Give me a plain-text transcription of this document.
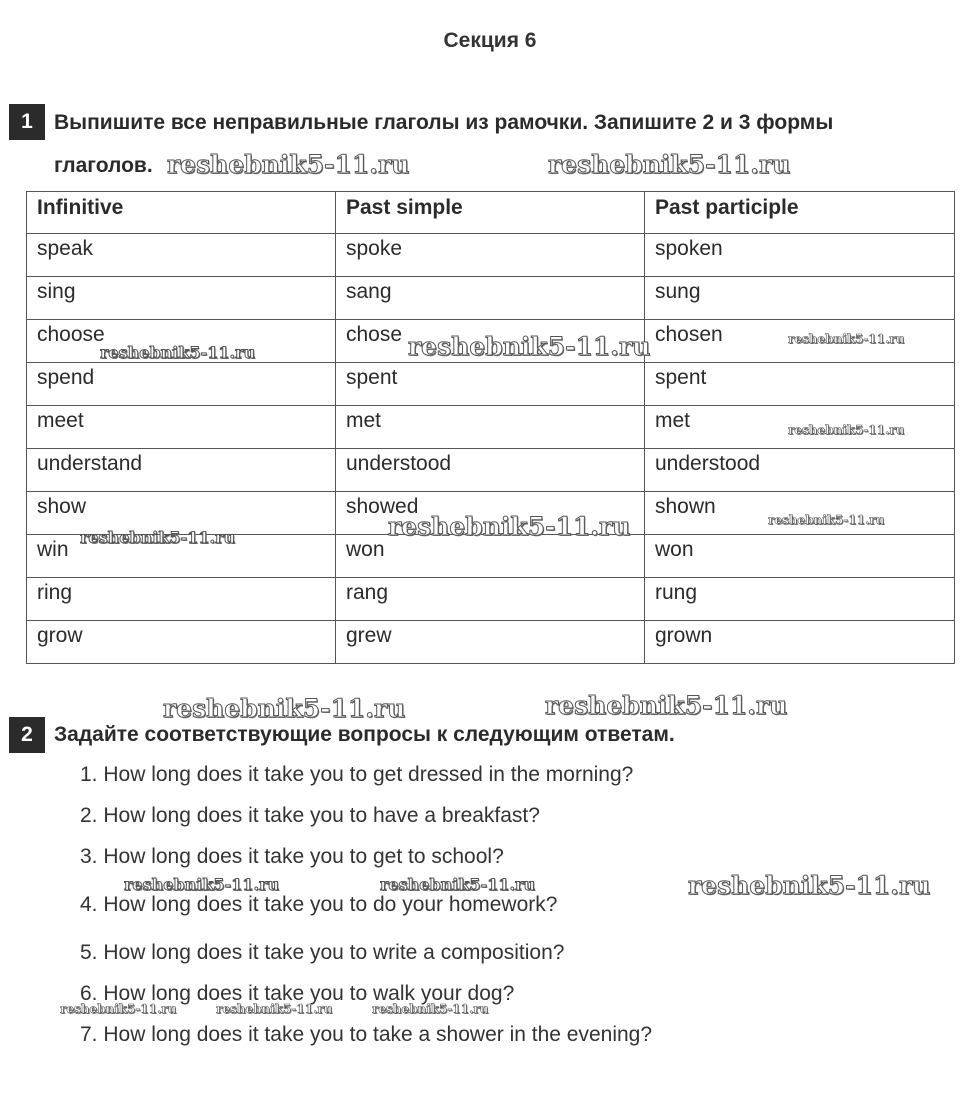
Секция 6
1	Выпишите все неправильные глаголы из рамочки. Запишите 2 и 3 формы
глаголов.
Infinitive	Past simple	Past participle
speak	spoke	spoken
sing	sang	sung
choose	chose	chosen
spend	spent	spent
meet	met	met
understand	understood	understood
show	showed	shown
win	won	won
ring	rang	rung
grow	grew	grown
2	Задайте соответствующие вопросы к следующим ответам.
1. How long does it take you to get dressed in the morning?
2. How long does it take you to have a breakfast?
3. How long does it take you to get to school?
4. How long does it take you to do your homework?
5. How long does it take you to write a composition?
6. How long does it take you to walk your dog?
7. How long does it take you to take a shower in the evening?
reshebnik5-11.ru	reshebnik5-11.ru
reshebnik5-11.ru	reshebnik5-11.ru	reshebnik5-11.ru
reshebnik5-11.ru
reshebnik5-11.ru
reshebnik5-11.ru	reshebnik5-11.ru
reshebnik5-11.ru	reshebnik5-11.ru
reshebnik5-11.ru	reshebnik5-11.ru	reshebnik5-11.ru
reshebnik5-11.ru	reshebnik5-11.ru	reshebnik5-11.ru
